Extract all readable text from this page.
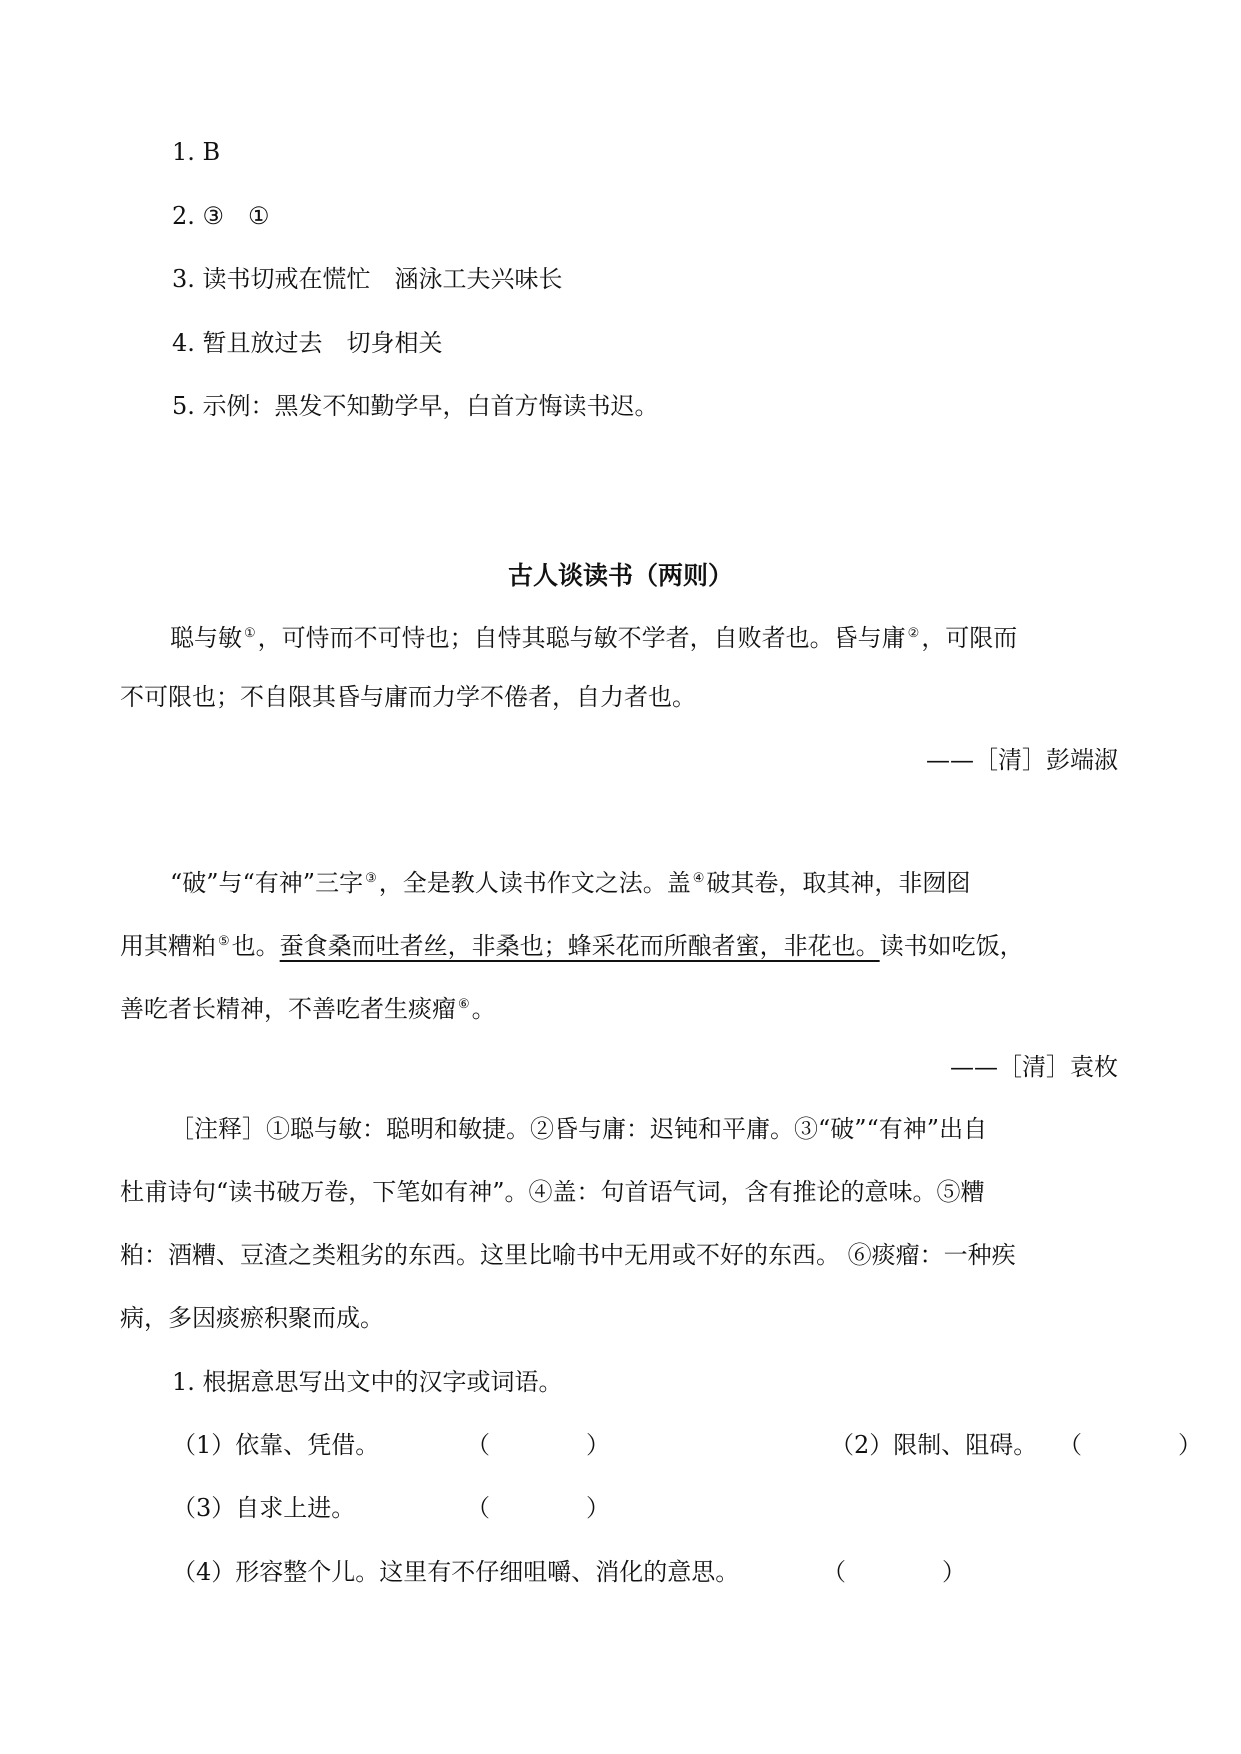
1. B
2. ③　①
3. 读书切戒在慌忙　涵泳工夫兴味长
4. 暂且放过去　切身相关
5. 示例：黑发不知勤学早，白首方悔读书迟。
古人谈读书（两则）
聪与敏 ①，可恃而不可恃也；自恃其聪与敏不学者，自败者也。昏与庸 ②，可限而
不可限也；不自限其昏与庸而力学不倦者，自力者也。
——［清］彭端淑
“破”与“有神”三字 ③，全是教人读书作文之法。盖 ④破其卷，取其神，非囫囵
用其糟粕 ⑤也。蚕食桑而吐者丝，非桑也；蜂采花而所酿者蜜，非花也。读书如吃饭，
善吃者长精神，不善吃者生痰瘤 ⑥。
——［清］袁枚
［注释］①聪与敏：聪明和敏捷。②昏与庸：迟钝和平庸。③“破”“有神”出自
杜甫诗句“读书破万卷，下笔如有神”。④盖：句首语气词，含有推论的意味。⑤糟
粕：酒糟、豆渣之类粗劣的东西。这里比喻书中无用或不好的东西。 ⑥痰瘤：一种疾
病，多因痰瘀积聚而成。
1. 根据意思写出文中的汉字或词语。
（1）依靠、凭借。	（　　　　）	（2）限制、阻碍。 （　　　　）
（3）自求上进。	（　　　　）
（4）形容整个儿。这里有不仔细咀嚼、消化的意思。	（　　　　）
